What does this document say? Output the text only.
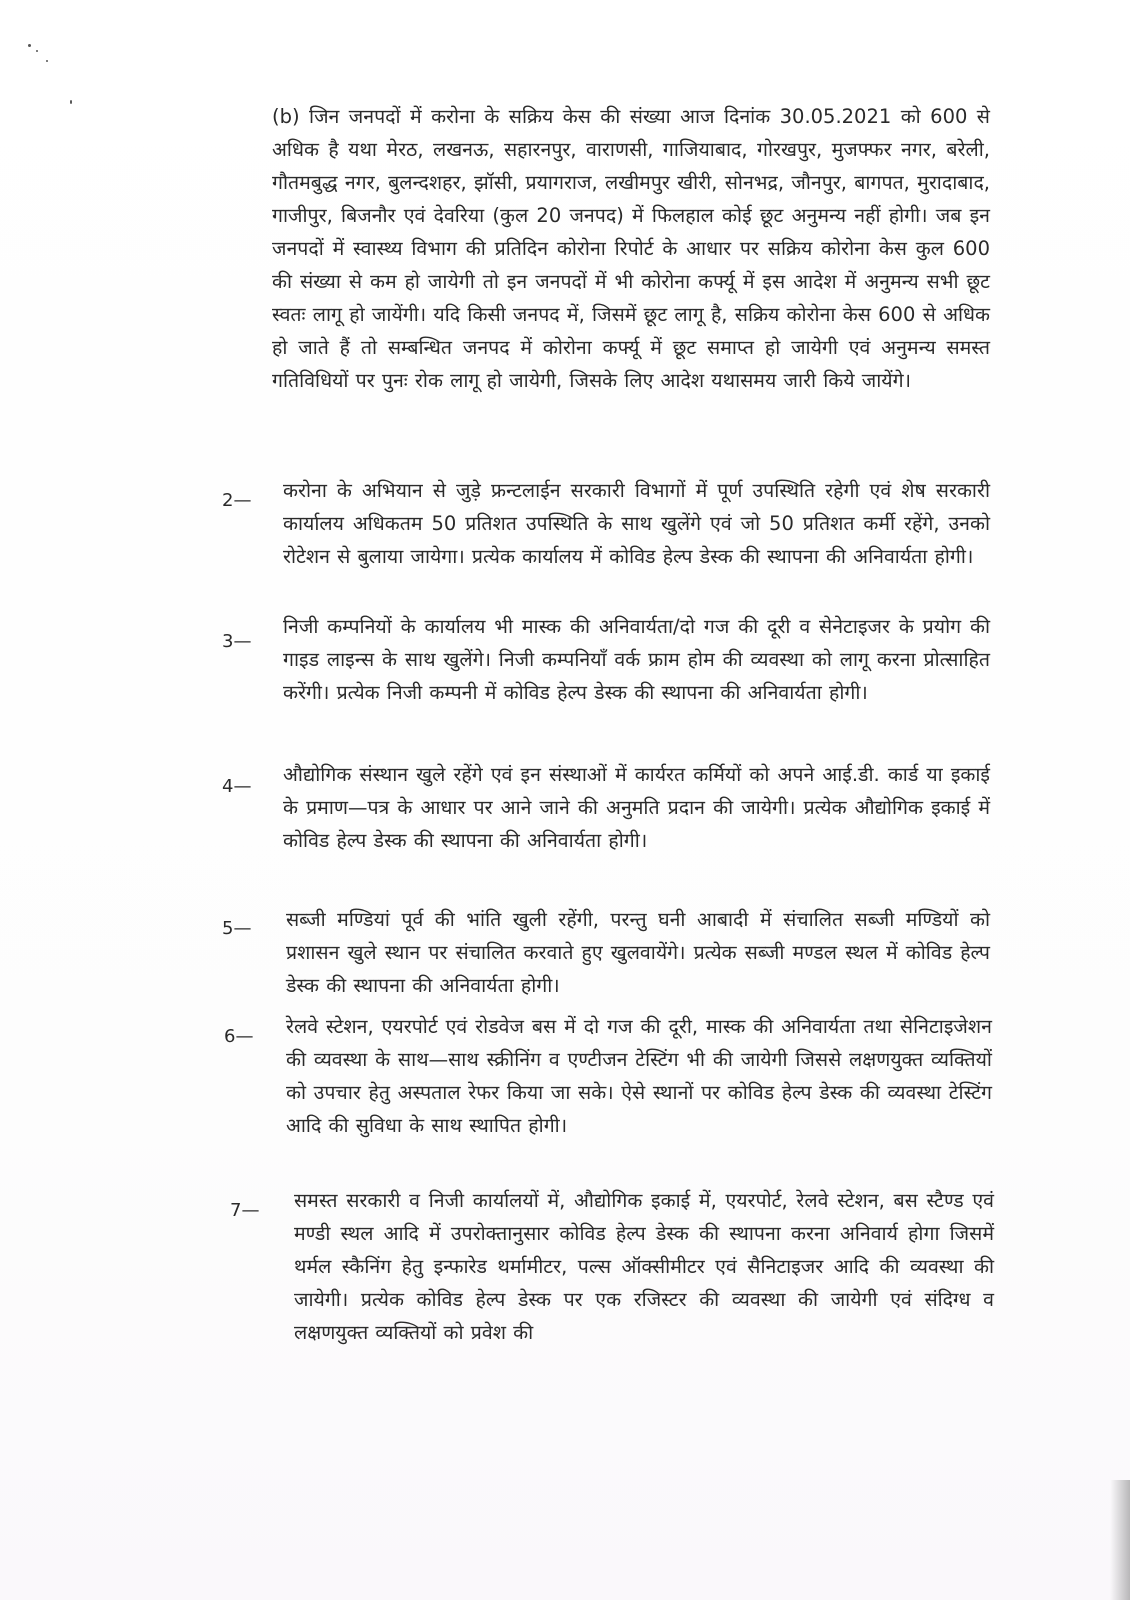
(b) जिन जनपदों में करोना के सक्रिय केस की संख्या आज दिनांक 30.05.2021 को 600 से अधिक है यथा मेरठ, लखनऊ, सहारनपुर, वाराणसी, गाजियाबाद, गोरखपुर, मुजफ्फर नगर, बरेली, गौतमबुद्ध नगर, बुलन्दशहर, झॉसी, प्रयागराज, लखीमपुर खीरी, सोनभद्र, जौनपुर, बागपत, मुरादाबाद, गाजीपुर, बिजनौर एवं देवरिया (कुल 20 जनपद) में फिलहाल कोई छूट अनुमन्य नहीं होगी। जब इन जनपदों में स्वास्थ्य विभाग की प्रतिदिन कोरोना रिपोर्ट के आधार पर सक्रिय कोरोना केस कुल 600 की संख्या से कम हो जायेगी तो इन जनपदों में भी कोरोना कर्फ्यू में इस आदेश में अनुमन्य सभी छूट स्वतः लागू हो जायेंगी। यदि किसी जनपद में, जिसमें छूट लागू है, सक्रिय कोरोना केस 600 से अधिक हो जाते हैं तो सम्बन्धित जनपद में कोरोना कर्फ्यू में छूट समाप्त हो जायेगी एवं अनुमन्य समस्त गतिविधियों पर पुनः रोक लागू हो जायेगी, जिसके लिए आदेश यथासमय जारी किये जायेंगे।

2— करोना के अभियान से जुड़े फ्रन्टलाईन सरकारी विभागों में पूर्ण उपस्थिति रहेगी एवं शेष सरकारी कार्यालय अधिकतम 50 प्रतिशत उपस्थिति के साथ खुलेंगे एवं जो 50 प्रतिशत कर्मी रहेंगे, उनको रोटेशन से बुलाया जायेगा। प्रत्येक कार्यालय में कोविड हेल्प डेस्क की स्थापना की अनिवार्यता होगी।

3—

निजी कम्पनियों के कार्यालय भी मास्क की अनिवार्यता/दो गज की दूरी व सेनेटाइजर के प्रयोग की गाइड लाइन्स के साथ खुलेंगे। निजी कम्पनियाँ वर्क फ्राम होम की व्यवस्था को लागू करना प्रोत्साहित करेंगी। प्रत्येक निजी कम्पनी में कोविड हेल्प डेस्क की स्थापना की अनिवार्यता होगी।

4—

औद्योगिक संस्थान खुले रहेंगे एवं इन संस्थाओं में कार्यरत कर्मियों को अपने आई.डी. कार्ड या इकाई के प्रमाण—पत्र के आधार पर आने जाने की अनुमति प्रदान की जायेगी। प्रत्येक औद्योगिक इकाई में कोविड हेल्प डेस्क की स्थापना की अनिवार्यता होगी।

5— सब्जी मण्डियां पूर्व की भांति खुली रहेंगी, परन्तु घनी आबादी में संचालित सब्जी मण्डियों को प्रशासन खुले स्थान पर संचालित करवाते हुए खुलवायेंगे। प्रत्येक सब्जी मण्डल स्थल में कोविड हेल्प डेस्क की स्थापना की अनिवार्यता होगी।

6— रेलवे स्टेशन, एयरपोर्ट एवं रोडवेज बस में दो गज की दूरी, मास्क की अनिवार्यता तथा सेनिटाइजेशन की व्यवस्था के साथ—साथ स्क्रीनिंग व एण्टीजन टेस्टिंग भी की जायेगी जिससे लक्षणयुक्त व्यक्तियों को उपचार हेतु अस्पताल रेफर किया जा सके। ऐसे स्थानों पर कोविड हेल्प डेस्क की व्यवस्था टेस्टिंग आदि की सुविधा के साथ स्थापित होगी।

7— समस्त सरकारी व निजी कार्यालयों में, औद्योगिक इकाई में, एयरपोर्ट, रेलवे स्टेशन, बस स्टैण्ड एवं मण्डी स्थल आदि में उपरोक्तानुसार कोविड हेल्प डेस्क की स्थापना करना अनिवार्य होगा जिसमें थर्मल स्कैनिंग हेतु इन्फारेड थर्मामीटर, पल्स ऑक्सीमीटर एवं सैनिटाइजर आदि की व्यवस्था की जायेगी। प्रत्येक कोविड हेल्प डेस्क पर एक रजिस्टर की व्यवस्था की जायेगी एवं संदिग्ध व लक्षणयुक्त व्यक्तियों को प्रवेश की
